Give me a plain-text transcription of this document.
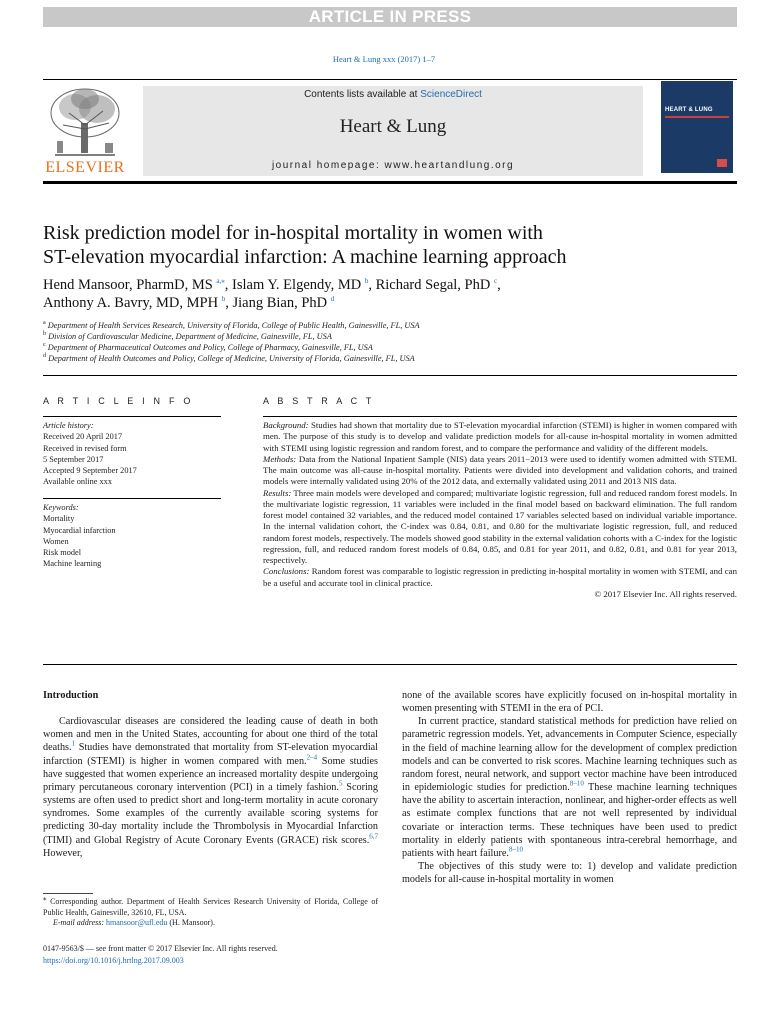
ARTICLE IN PRESS
Heart & Lung xxx (2017) 1–7
ELSEVIER
Contents lists available at ScienceDirect
Heart & Lung
journal homepage: www.heartandlung.org
HEART & LUNG
Risk prediction model for in-hospital mortality in women with
ST-elevation myocardial infarction: A machine learning approach
Hend Mansoor, PharmD, MS $^{a,⁎}$, Islam Y. Elgendy, MD $^b$, Richard Segal, PhD $^c$,
Anthony A. Bavry, MD, MPH $^b$, Jiang Bian, PhD $^d$
$^a$ Department of Health Services Research, University of Florida, College of Public Health, Gainesville, FL, USA
$^b$ Division of Cardiovascular Medicine, Department of Medicine, Gainesville, FL, USA
$^c$ Department of Pharmaceutical Outcomes and Policy, College of Pharmacy, Gainesville, FL, USA
$^d$ Department of Health Outcomes and Policy, College of Medicine, University of Florida, Gainesville, FL, USA
A R T I C L E I N F O
Article history:
Received 20 April 2017
Received in revised form
5 September 2017
Accepted 9 September 2017
Available online xxx
Keywords:
Mortality
Myocardial infarction
Women
Risk model
Machine learning
A B S T R A C T

Background: Studies had shown that mortality due to ST-elevation myocardial infarction (STEMI) is higher in women compared with men. The purpose of this study is to develop and validate prediction models for all-cause in-hospital mortality in women admitted with STEMI using logistic regression and random forest, and to compare the performance and validity of the different models.

Methods: Data from the National Inpatient Sample (NIS) data years 2011−2013 were used to identify women admitted with STEMI. The main outcome was all-cause in-hospital mortality. Patients were divided into development and validation cohorts, and trained models were internally validated using 20% of the 2012 data, and externally validated using 2011 and 2013 NIS data.

Results: Three main models were developed and compared; multivariate logistic regression, full and reduced random forest models. In the multivariate logistic regression, 11 variables were included in the final model based on backward elimination. The full random forest model contained 32 variables, and the reduced model contained 17 variables selected based on individual variable importance. In the internal validation cohort, the C-index was 0.84, 0.81, and 0.80 for the multivariate logistic regression, full, and reduced random forest models, respectively. The models showed good stability in the external validation cohorts with a C-index for the logistic regression, full, and reduced random forest models of 0.84, 0.85, and 0.81 for year 2011, and 0.82, 0.81, and 0.81 for year 2013, respectively.

Conclusions: Random forest was comparable to logistic regression in predicting in-hospital mortality in women with STEMI, and can be a useful and accurate tool in clinical practice.

© 2017 Elsevier Inc. All rights reserved.

Introduction

Cardiovascular diseases are considered the leading cause of death in both women and men in the United States, accounting for about one third of the total deaths.$^1$ Studies have demonstrated that mortality from ST-elevation myocardial infarction (STEMI) is higher in women compared with men.$^{2-4}$ Some studies have suggested that women experience an increased mortality despite undergoing primary percutaneous coronary intervention (PCI) in a timely fashion.$^5$ Scoring systems are often used to predict short and long-term mortality in acute coronary syndromes. Some examples of the currently available scoring systems for predicting 30-day mortality include the Thrombolysis in Myocardial Infarction (TIMI) and Global Registry of Acute Coronary Events (GRACE) risk scores.$^{6,7}$ However,

none of the available scores have explicitly focused on in-hospital mortality in women presenting with STEMI in the era of PCI.

In current practice, standard statistical methods for prediction have relied on parametric regression models. Yet, advancements in Computer Science, especially in the field of machine learning allow for the development of complex prediction models and can be converted to risk scores. Machine learning techniques such as random forest, neural network, and support vector machine have been introduced in epidemiologic studies for prediction.$^{8-10}$ These machine learning techniques have the ability to ascertain interaction, nonlinear, and higher-order effects as well as estimate complex functions that are not well represented by individual covariate or interaction terms. These techniques have been used to predict mortality in elderly patients with spontaneous intra-cerebral hemorrhage, and patients with heart failure.$^{8-10}$

The objectives of this study were to: 1) develop and validate prediction models for all-cause in-hospital mortality in women

⁎ Corresponding author. Department of Health Services Research University of Florida, College of Public Health, Gainesville, 32610, FL, USA.
E-mail address: hmansoor@ufl.edu (H. Mansoor).
0147-9563/$ — see front matter © 2017 Elsevier Inc. All rights reserved.
https://doi.org/10.1016/j.hrtlng.2017.09.003
